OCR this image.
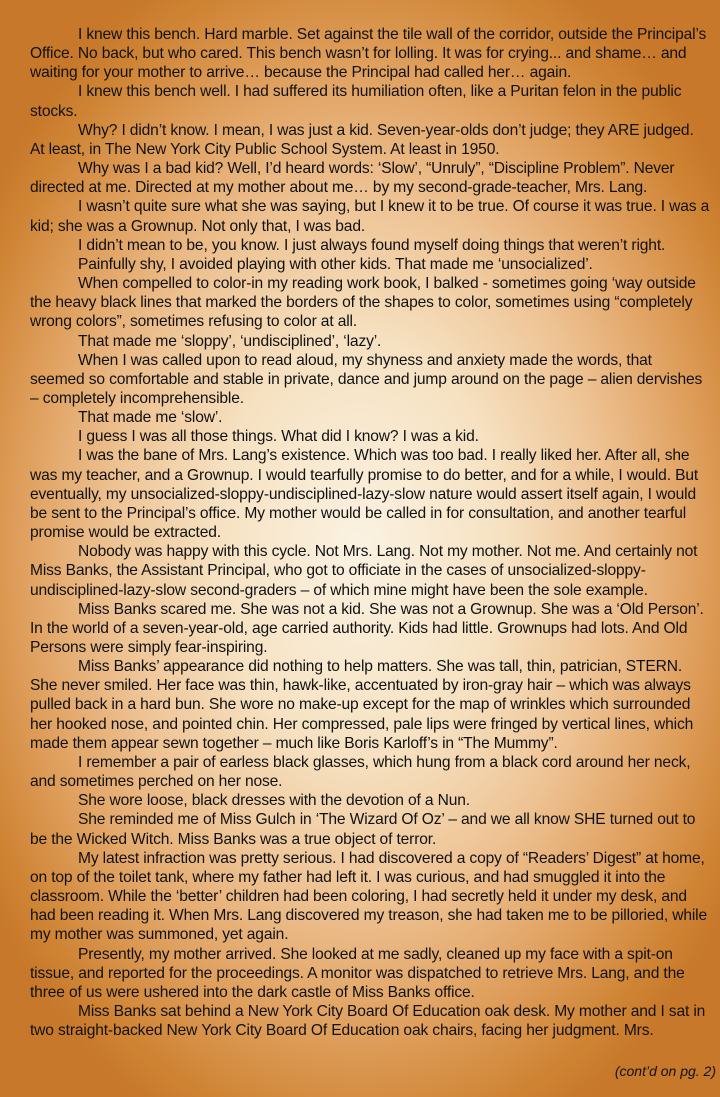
I knew this bench. Hard marble. Set against the tile wall of the corridor, outside the Principal’s Office. No back, but who cared. This bench wasn’t for lolling. It was for crying... and shame… and waiting for your mother to arrive… because the Principal had called her… again.

I knew this bench well. I had suffered its humiliation often, like a Puritan felon in the public stocks.

Why? I didn’t know. I mean, I was just a kid. Seven-year-olds don’t judge; they ARE judged. At least, in The New York City Public School System. At least in 1950.

Why was I a bad kid? Well, I’d heard words: ‘Slow’, “Unruly”, “Discipline Problem”. Never directed at me. Directed at my mother about me… by my second-grade-teacher, Mrs. Lang.

I wasn’t quite sure what she was saying, but I knew it to be true. Of course it was true. I was a kid; she was a Grownup. Not only that, I was bad.

I didn’t mean to be, you know. I just always found myself doing things that weren’t right.

Painfully shy, I avoided playing with other kids. That made me ‘unsocialized’.

When compelled to color-in my reading work book, I balked - sometimes going ‘way outside the heavy black lines that marked the borders of the shapes to color, sometimes using “completely wrong colors”, sometimes refusing to color at all.

That made me ‘sloppy’, ‘undisciplined’, ‘lazy’.

When I was called upon to read aloud, my shyness and anxiety made the words, that seemed so comfortable and stable in private, dance and jump around on the page – alien dervishes – completely incomprehensible.

That made me ‘slow’.

I guess I was all those things. What did I know? I was a kid.

I was the bane of Mrs. Lang’s existence. Which was too bad. I really liked her. After all, she was my teacher, and a Grownup. I would tearfully promise to do better, and for a while, I would. But eventually, my unsocialized-sloppy-undisciplined-lazy-slow nature would assert itself again, I would be sent to the Principal’s office. My mother would be called in for consultation, and another tearful promise would be extracted.

Nobody was happy with this cycle. Not Mrs. Lang. Not my mother. Not me. And certainly not Miss Banks, the Assistant Principal, who got to officiate in the cases of unsocialized-sloppy-undisciplined-lazy-slow second-graders – of which mine might have been the sole example.

Miss Banks scared me. She was not a kid. She was not a Grownup. She was a ‘Old Person’. In the world of a seven-year-old, age carried authority. Kids had little. Grownups had lots. And Old Persons were simply fear-inspiring.

Miss Banks’ appearance did nothing to help matters. She was tall, thin, patrician, STERN. She never smiled. Her face was thin, hawk-like, accentuated by iron-gray hair – which was always pulled back in a hard bun. She wore no make-up except for the map of wrinkles which surrounded her hooked nose, and pointed chin. Her compressed, pale lips were fringed by vertical lines, which made them appear sewn together – much like Boris Karloff’s in “The Mummy”.

I remember a pair of earless black glasses, which hung from a black cord around her neck, and sometimes perched on her nose.

She wore loose, black dresses with the devotion of a Nun.

She reminded me of Miss Gulch in ‘The Wizard Of Oz’ – and we all know SHE turned out to be the Wicked Witch. Miss Banks was a true object of terror.

My latest infraction was pretty serious. I had discovered a copy of “Readers’ Digest” at home, on top of the toilet tank, where my father had left it. I was curious, and had smuggled it into the classroom. While the ‘better’ children had been coloring, I had secretly held it under my desk, and had been reading it. When Mrs. Lang discovered my treason, she had taken me to be pilloried, while my mother was summoned, yet again.

Presently, my mother arrived. She looked at me sadly, cleaned up my face with a spit-on tissue, and reported for the proceedings. A monitor was dispatched to retrieve Mrs. Lang, and the three of us were ushered into the dark castle of Miss Banks office.

Miss Banks sat behind a New York City Board Of Education oak desk. My mother and I sat in two straight-backed New York City Board Of Education oak chairs, facing her judgment. Mrs.

(cont’d on pg. 2)
